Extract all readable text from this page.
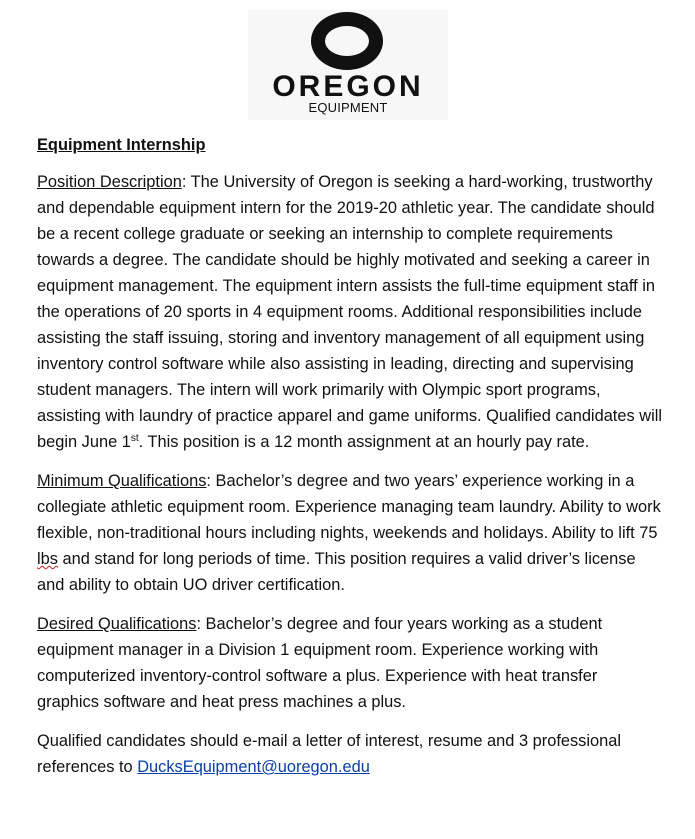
OREGON
EQUIPMENT

Equipment Internship

Position Description: The University of Oregon is seeking a hard-working, trustworthy and dependable equipment intern for the 2019-20 athletic year. The candidate should be a recent college graduate or seeking an internship to complete requirements towards a degree. The candidate should be highly motivated and seeking a career in equipment management. The equipment intern assists the full-time equipment staff in the operations of 20 sports in 4 equipment rooms. Additional responsibilities include assisting the staff issuing, storing and inventory management of all equipment using inventory control software while also assisting in leading, directing and supervising student managers. The intern will work primarily with Olympic sport programs, assisting with laundry of practice apparel and game uniforms. Qualified candidates will begin June 1st. This position is a 12 month assignment at an hourly pay rate.

Minimum Qualifications: Bachelor’s degree and two years’ experience working in a collegiate athletic equipment room. Experience managing team laundry. Ability to work flexible, non-traditional hours including nights, weekends and holidays. Ability to lift 75 lbs and stand for long periods of time. This position requires a valid driver’s license and ability to obtain UO driver certification.

Desired Qualifications: Bachelor’s degree and four years working as a student equipment manager in a Division 1 equipment room. Experience working with computerized inventory-control software a plus. Experience with heat transfer graphics software and heat press machines a plus.

Qualified candidates should e-mail a letter of interest, resume and 3 professional references to DucksEquipment@uoregon.edu
